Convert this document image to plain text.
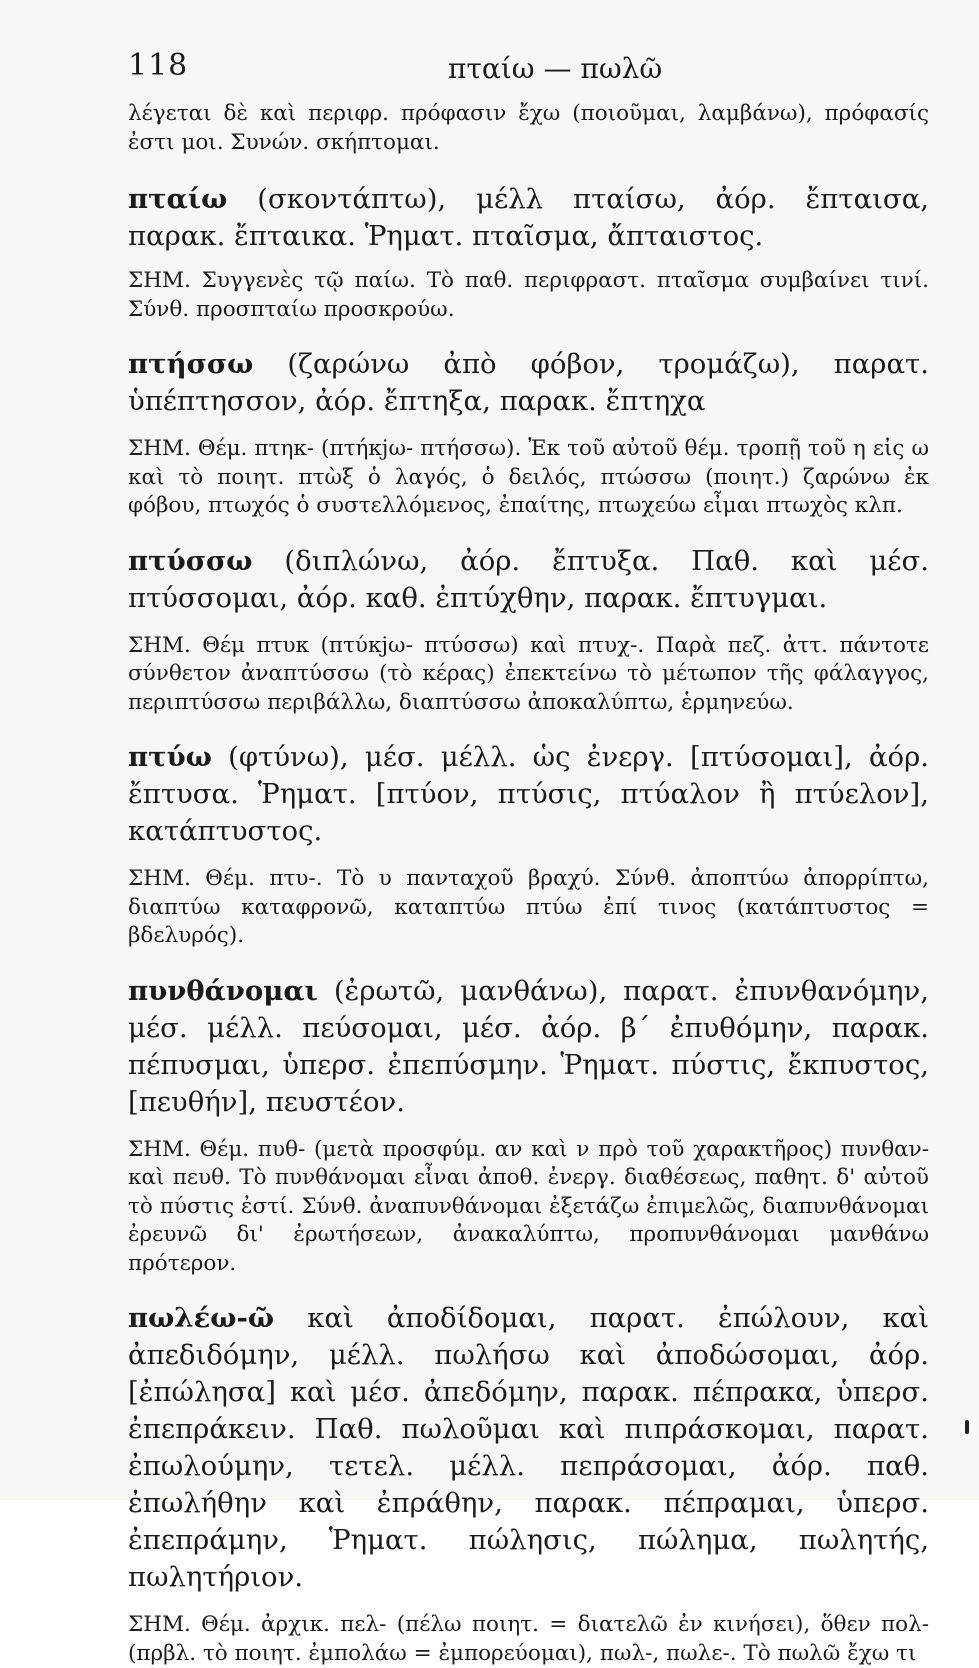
118	πταίω — πωλῶ

λέγεται δὲ καὶ περιφρ. πρόφασιν ἔχω (ποιοῦμαι, λαμβάνω), πρόφασίς ἐστι μοι. Συνών. σκήπτομαι.

πταίω (σκοντάπτω), μέλλ πταίσω, ἀόρ. ἔπταισα, παρακ. ἔπταικα. Ῥηματ. πταῖσμα, ἄπταιστος.

ΣΗΜ. Συγγενὲς τῷ παίω. Τὸ παθ. περιφραστ. πταῖσμα συμβαίνει τινί. Σύνθ. προσπταίω προσκρούω.

πτήσσω (ζαρώνω ἀπὸ φόβον, τρομάζω), παρατ. ὑπέπτησσον, ἀόρ. ἔπτηξα, παρακ. ἔπτηχα

ΣΗΜ. Θέμ. πτηκ- (πτήκjω- πτήσσω). Ἐκ τοῦ αὐτοῦ θέμ. τροπῇ τοῦ η εἰς ω καὶ τὸ ποιητ. πτὼξ ὁ λαγός, ὁ δειλός, πτώσσω (ποιητ.) ζαρώνω ἐκ φόβου, πτωχός ὁ συστελλόμενος, ἐπαίτης, πτωχεύω εἶμαι πτωχὸς κλπ.

πτύσσω (διπλώνω, ἀόρ. ἔπτυξα. Παθ. καὶ μέσ. πτύσσομαι, ἀόρ. καθ. ἐπτύχθην, παρακ. ἔπτυγμαι.

ΣΗΜ. Θέμ πτυκ (πτύκjω- πτύσσω) καὶ πτυχ-. Παρὰ πεζ. ἀττ. πάντοτε σύνθετον ἀναπτύσσω (τὸ κέρας) ἐπεκτείνω τὸ μέτωπον τῆς φάλαγγος, περιπτύσσω περιβάλλω, διαπτύσσω ἀποκαλύπτω, ἑρμηνεύω.

πτύω (φτύνω), μέσ. μέλλ. ὡς ἐνεργ. [πτύσομαι], ἀόρ. ἔπτυσα. Ῥηματ. [πτύον, πτύσις, πτύαλον ἢ πτύελον], κατάπτυστος.

ΣΗΜ. Θέμ. πτυ-. Τὸ υ πανταχοῦ βραχύ. Σύνθ. ἀποπτύω ἀπορρίπτω, διαπτύω καταφρονῶ, καταπτύω πτύω ἐπί τινος (κατάπτυστος = βδελυρός).

πυνθάνομαι (ἐρωτῶ, μανθάνω), παρατ. ἐπυνθανόμην, μέσ. μέλλ. πεύσομαι, μέσ. ἀόρ. β΄ ἐπυθόμην, παρακ. πέπυσμαι, ὑπερσ. ἐπεπύσμην. Ῥηματ. πύστις, ἔκπυστος, [πευθήν], πευστέον.

ΣΗΜ. Θέμ. πυθ- (μετὰ προσφύμ. αν καὶ ν πρὸ τοῦ χαρακτῆρος) πυνθαν- καὶ πευθ. Τὸ πυνθάνομαι εἶναι ἀποθ. ἐνεργ. διαθέσεως, παθητ. δ' αὐτοῦ τὸ πύστις ἐστί. Σύνθ. ἀναπυνθάνομαι ἐξετάζω ἐπιμελῶς, διαπυνθάνομαι ἐρευνῶ δι' ἐρωτήσεων, ἀνακαλύπτω, προπυνθάνομαι μανθάνω πρότερον.

πωλέω-ῶ καὶ ἀποδίδομαι, παρατ. ἐπώλουν, καὶ ἀπεδιδόμην, μέλλ. πωλήσω καὶ ἀποδώσομαι, ἀόρ. [ἐπώλησα] καὶ μέσ. ἀπεδόμην, παρακ. πέπρακα, ὑπερσ. ἐπεπράκειν. Παθ. πωλοῦμαι καὶ πιπράσκομαι, παρατ. ἐπωλούμην, τετελ. μέλλ. πεπράσομαι, ἀόρ. παθ. ἐπωλήθην καὶ ἐπράθην, παρακ. πέπραμαι, ὑπερσ. ἐπεπράμην, Ῥηματ. πώλησις, πώλημα, πωλητής, πωλητήριον.

ΣΗΜ. Θέμ. ἀρχικ. πελ- (πέλω ποιητ. = διατελῶ ἐν κινήσει), ὅθεν πολ- (πρβλ. τὸ ποιητ. ἐμπολάω = ἐμπορεύομαι), πωλ-, πωλε-. Τὸ πωλῶ ἔχω τι
